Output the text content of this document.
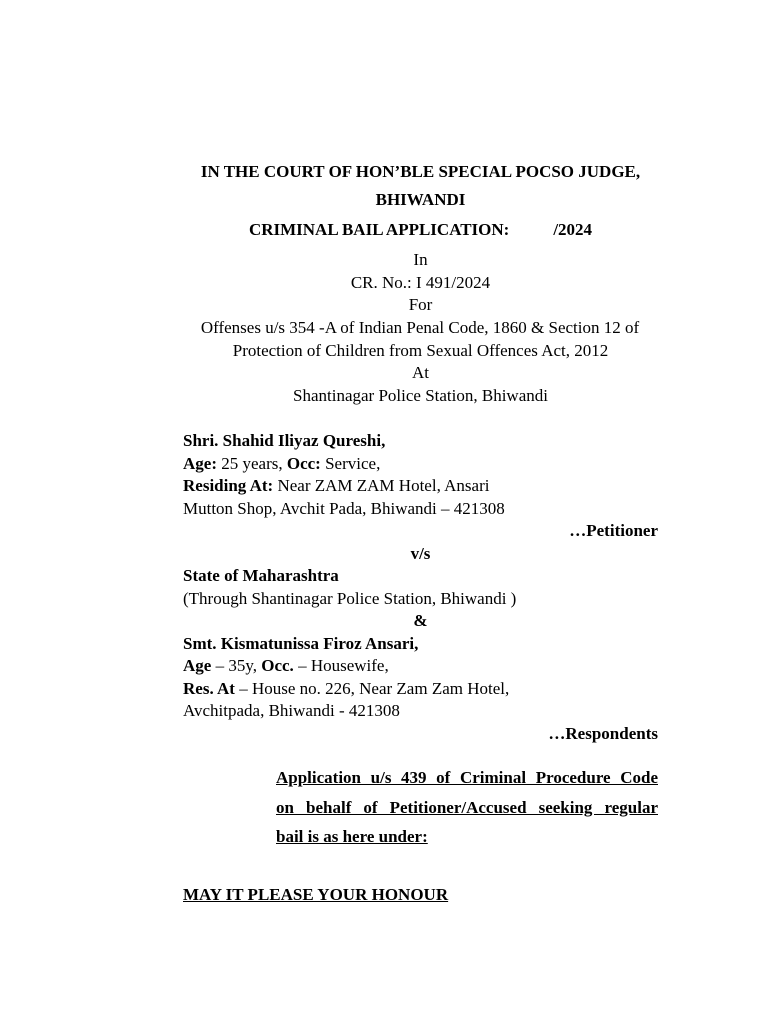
IN THE COURT OF HON’BLE SPECIAL POCSO JUDGE,
BHIWANDI
CRIMINAL BAIL APPLICATION:	/2024
In
CR. No.: I 491/2024
For
Offenses u/s 354 -A of Indian Penal Code, 1860 & Section 12 of
Protection of Children from Sexual Offences Act, 2012
At
Shantinagar Police Station, Bhiwandi
Shri. Shahid Iliyaz Qureshi,
Age: 25 years, Occ: Service,
Residing At: Near ZAM ZAM Hotel, Ansari
Mutton Shop, Avchit Pada, Bhiwandi – 421308
…Petitioner
v/s
State of Maharashtra
(Through Shantinagar Police Station, Bhiwandi )
&
Smt. Kismatunissa Firoz Ansari,
Age – 35y, Occ. – Housewife,
Res. At – House no. 226, Near Zam Zam Hotel,
Avchitpada, Bhiwandi - 421308
…Respondents
Application u/s 439 of Criminal Procedure Code
on behalf of Petitioner/Accused seeking regular
bail is as here under:
MAY IT PLEASE YOUR HONOUR
